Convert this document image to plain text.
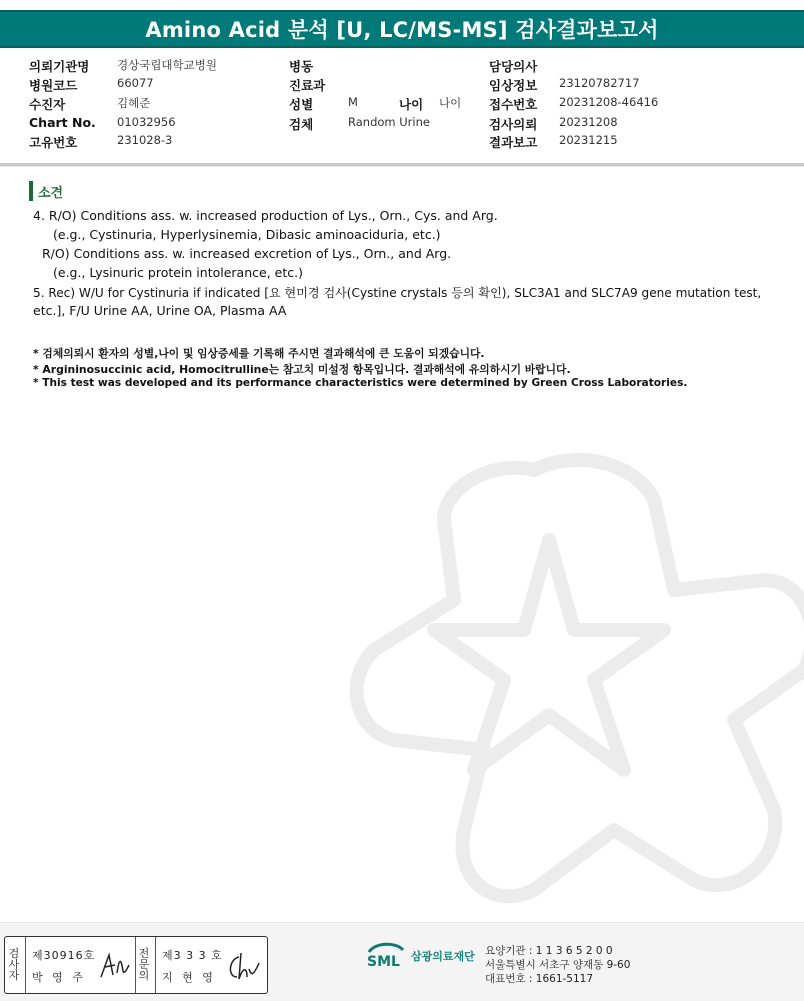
Amino Acid 분석 [U, LC/MS-MS] 검사결과보고서
의뢰기관명 경상국립대학교병원
병원코드	66077
수진자	김혜준
Chart No. 01032956
고유번호	231028-3
병동
진료과
성별	M	나이 나이
검체	Random Urine
담당의사
임상정보 23120782717
접수번호 20231208-46416
검사의뢰 20231208
결과보고 20231215
소견
4. R/O) Conditions ass. w. increased production of Lys., Orn., Cys. and Arg.
(e.g., Cystinuria, Hyperlysinemia, Dibasic aminoaciduria, etc.)
R/O) Conditions ass. w. increased excretion of Lys., Orn., and Arg.
(e.g., Lysinuric protein intolerance, etc.)
5. Rec) W/U for Cystinuria if indicated [요 현미경 검사(Cystine crystals 등의 확인), SLC3A1 and SLC7A9 gene mutation test,
etc.], F/U Urine AA, Urine OA, Plasma AA
* 검체의뢰시 환자의 성별,나이 및 임상증세를 기록해 주시면 결과해석에 큰 도움이 되겠습니다.
* Argininosuccinic acid, Homocitrulline는 참고치 미설정 항목입니다. 결과해석에 유의하시기 바랍니다.
* This test was developed and its performance characteristics were determined by Green Cross Laboratories.
검
사
자
제30916호
박 영 주
전
문
의
제3 3 3 호
지 현 영
SML 삼광의료재단 요양기관 : 1 1 3 6 5 2 0 0
서울특별시 서초구 양재동 9-60
대표번호 : 1661-5117
